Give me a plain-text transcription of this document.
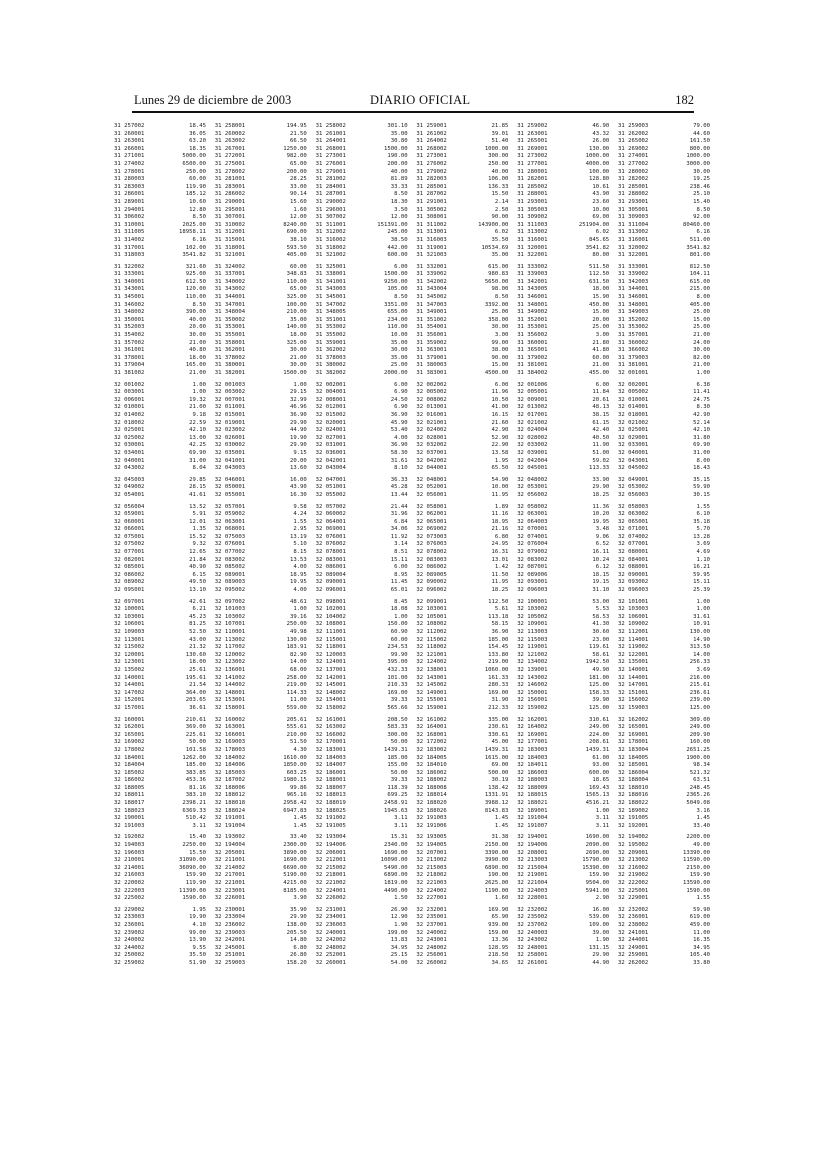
Lunes 29 de diciembre de 2003	DIARIO OFICIAL	182
31 257002	18.45
31 260001	36.05
31 263001	63.20
31 266001	18.35
31 271001	5000.00
31 274002	6500.00
31 278001	250.00
31 280003	60.00
31 283003	119.90
31 286001	185.12
31 289001	10.60
31 294001	12.80
31 306002	8.50
31 310001	2025.00
31 311005	18958.11
31 314002	6.16
31 317001	102.00
31 318003	3541.82
31 322002	321.60
31 333001	925.00
31 340001	612.50
31 343001	120.00
31 345001	110.00
31 346002	8.50
31 348002	390.00
31 350001	40.00
31 352003	20.00
31 354002	30.00
31 357002	21.00
31 361001	40.80
31 378001	18.00
31 379004	165.00
31 381002	21.00
32 001002	1.00
32 003001	1.00
32 006001	19.32
32 010001	21.00
32 014002	9.18
32 018002	22.59
32 025001	42.10
32 025002	13.00
32 030001	42.25
32 034001	69.90
32 040001	31.00
32 043002	8.04
32 045003	29.85
32 049002	28.15
32 054001	41.61
32 056004	13.52
32 059001	5.91
32 060001	12.01
32 066001	1.35
32 075001	15.52
32 075002	9.32
32 077001	12.65
32 082001	21.84
32 085001	40.90
32 086002	6.15
32 089002	49.50
32 095001	13.10
32 097001	42.61
32 100001	6.21
32 103001	45.23
32 106001	81.25
32 109003	52.50
32 113001	43.00
32 115002	21.32
32 120001	130.60
32 123001	18.00
32 135002	25.61
32 140001	195.61
32 144001	21.54
32 147002	364.00
32 152001	203.65
32 157001	36.61
32 160001	210.61
32 162001	369.00
32 165001	225.61
32 169002	50.00
32 178002	101.58
32 184001	1262.00
32 184004	185.00
32 185002	383.85
32 186002	453.36
32 188005	81.16
32 188011	383.10
32 188017	2398.21
32 188023	6369.33
32 190001	510.42
32 191003	3.11
32 192002	15.40
32 194003	2250.00
32 196003	15.50
32 210001	31090.00
32 214001	36090.00
32 216003	159.90
32 220002	119.90
32 222003	11390.00
32 225002	1590.00
32 229002	1.95
32 233003	19.90
32 236001	4.10
32 239002	99.00
32 240002	13.90
32 244002	9.55
32 250002	35.50
32 259002	51.90
31 258001	194.95
31 260002	21.50
31 263002	66.50
31 267001	1250.00
31 272001	982.00
31 275001	65.00
31 278002	200.00
31 281001	28.25
31 283001	33.00
31 286002	90.14
31 290001	15.60
31 295001	1.60
31 307001	12.00
31 310002	8240.00
31 312001	690.00
31 315001	38.10
31 318001	593.50
31 321001	405.00
31 324002	60.00
31 337001	348.83
31 340002	110.00
31 343002	65.00
31 344001	325.00
31 347001	100.00
31 348004	210.00
31 350002	35.00
31 353001	140.00
31 355001	18.00
31 358001	325.00
31 362001	30.00
31 378002	21.00
31 380001	30.00
31 382001	1500.00
32 001003	1.00
32 003002	29.15
32 007001	32.99
32 011001	46.96
32 015001	36.90
32 019001	29.90
32 023002	44.90
32 026001	19.90
32 030002	29.90
32 035001	9.15
32 041001	20.00
32 043003	13.60
32 046001	16.00
32 050001	43.90
32 055001	16.30
32 057001	9.58
32 059002	4.24
32 063001	1.55
32 068001	2.95
32 075003	13.19
32 076001	5.10
32 077002	8.15
32 083002	13.53
32 085002	4.00
32 089001	18.95
32 089003	19.95
32 095002	4.00
32 097002	48.61
32 101003	1.00
32 103002	39.16
32 107001	250.00
32 110001	49.98
32 113002	130.00
32 117002	183.91
32 120002	82.90
32 123002	14.00
32 136001	68.00
32 141002	258.00
32 144002	219.00
32 148001	114.33
32 153001	11.00
32 158001	559.00
32 160002	205.61
32 163001	555.61
32 166001	210.00
32 169003	51.50
32 178003	4.30
32 184002	1610.00
32 184006	1850.00
32 185003	603.25
32 187002	1980.15
32 188006	99.86
32 188012	965.16
32 188018	2958.42
32 188024	6947.83
32 191001	1.45
32 191004	1.45
32 193002	33.40
32 194004	2300.00
32 205001	3890.00
32 211001	1690.00
32 214002	6690.00
32 217001	5190.00
32 221001	4215.00
32 223001	8185.00
32 226001	3.90
32 230001	35.90
32 233004	29.90
32 236002	138.00
32 239003	205.50
32 242001	14.80
32 245001	6.80
32 251001	26.80
32 259003	158.20
31 258002	301.10
31 261001	35.00
31 264001	30.80
31 268001	1500.00
31 273001	190.00
31 276001	200.00
31 279001	40.00
31 281002	81.89
31 284001	33.33
31 287001	8.50
31 290002	18.30
31 296001	3.50
31 307002	12.00
31 311001	151391.00
31 312002	245.00
31 316002	38.50
31 318002	442.00
31 321002	600.00
31 325001	6.00
31 338001	1500.00
31 341001	9250.00
31 343003	105.00
31 345001	8.50
31 347002	3351.00
31 348005	655.00
31 351001	234.00
31 353002	110.00
31 355002	10.00
31 359001	35.00
31 362002	30.00
31 378003	35.00
31 380002	25.00
31 382002	2000.00
32 002001	6.00
32 004001	6.90
32 008001	24.50
32 012001	6.90
32 015002	36.90
32 020001	45.90
32 024001	53.40
32 027001	4.00
32 031001	36.90
32 036001	58.30
32 042001	31.61
32 043004	8.10
32 047001	36.33
32 051001	45.28
32 055002	13.44
32 057002	21.44
32 060002	31.96
32 064001	6.84
32 069001	34.06
32 076001	11.92
32 076002	3.14
32 078001	8.51
32 083001	15.11
32 086001	6.00
32 089004	8.95
32 090001	11.45
32 096001	65.01
32 098001	8.45
32 102001	18.08
32 104002	1.00
32 108001	150.00
32 111001	60.90
32 115001	60.00
32 118001	234.53
32 120003	99.90
32 124001	395.00
32 137001	432.33
32 142001	101.00
32 145001	210.33
32 148002	169.00
32 154001	39.33
32 158002	565.66
32 161001	208.50
32 163002	583.33
32 166002	300.00
32 170001	50.00
32 183001	1439.31
32 184003	185.00
32 184007	155.00
32 186001	50.00
32 188001	39.33
32 188007	118.39
32 188013	699.25
32 188019	2458.91
32 188025	1945.63
32 191002	3.11
32 191005	3.11
32 193004	15.31
32 194006	2340.00
32 206001	1690.00
32 212001	10090.00
32 215002	5490.00
32 218001	6890.00
32 221002	1819.00
32 224001	4490.00
32 226002	1.50
32 231001	26.90
32 234001	12.90
32 236003	1.90
32 240001	199.00
32 242002	13.83
32 248002	34.95
32 252001	25.15
32 260001	54.00
31 259001	21.85
31 261002	39.01
31 264002	51.40
31 268002	1000.00
31 273001	300.00
31 276002	250.00
31 279002	40.00
31 282003	106.00
31 285001	136.33
31 287002	15.50
31 291001	2.14
31 305002	2.50
31 308001	90.00
31 311002	143900.00
31 313001	6.02
31 316003	35.50
31 319001	10534.69
31 321003	35.00
31 332001	615.00
31 339002	980.83
31 342002	5650.00
31 343004	98.00
31 345002	8.50
31 347003	3392.00
31 349001	25.00
31 351002	358.00
31 354001	30.00
31 356001	3.00
31 359002	99.00
31 363001	38.00
31 379001	90.00
31 380003	15.00
31 383001	4500.00
32 002002	6.00
32 005002	11.96
32 008002	10.50
32 013001	41.00
32 016001	16.15
32 021001	21.60
32 024002	42.90
32 028001	52.90
32 032002	22.90
32 037001	13.58
32 042002	1.95
32 044001	65.50
32 048001	54.90
32 052001	10.00
32 056001	11.95
32 058001	1.89
32 062001	11.16
32 065001	18.95
32 069002	21.16
32 073003	6.80
32 076003	24.95
32 078002	16.31
32 083003	13.01
32 086002	1.42
32 089005	11.50
32 090002	11.95
32 096002	18.25
32 099001	112.50
32 103001	5.61
32 105001	113.18
32 108002	58.15
32 112002	36.90
32 115002	185.00
32 118002	154.45
32 121001	133.80
32 124002	219.00
32 138001	1060.00
32 143001	161.33
32 145002	280.33
32 149001	169.00
32 155001	31.90
32 159001	212.33
32 161002	335.00
32 164001	230.61
32 168001	330.61
32 172002	45.00
32 183002	1439.31
32 184005	1615.00
32 184010	69.00
32 186002	500.00
32 188002	30.19
32 188008	138.42
32 188014	1331.91
32 188020	3988.12
32 188026	8143.83
32 191003	1.45
32 191006	1.45
32 193005	31.38
32 194005	2150.00
32 207001	3390.00
32 213002	3990.00
32 215003	6890.00
32 218002	190.00
32 221003	2625.00
32 224002	1190.00
32 227001	1.60
32 232001	169.90
32 235001	65.90
32 237001	939.00
32 240002	159.00
32 243001	13.36
32 248002	128.95
32 256001	218.50
32 260002	34.65
31 259002	46.90
31 263001	43.32
31 265001	26.00
31 269001	130.00
31 273002	1000.00
31 277001	4000.00
31 280001	100.00
31 282001	128.80
31 285002	10.61
31 288001	43.90
31 293001	23.60
31 305003	10.00
31 309002	69.00
31 311003	251904.00
31 313002	6.02
31 316001	845.65
31 320001	3541.82
31 322001	80.00
31 333002	511.50
31 339003	112.50
31 342001	631.50
31 343005	18.00
31 346001	15.90
31 348001	450.00
31 349002	15.00
31 352001	20.00
31 353001	25.00
31 356002	3.00
31 360001	21.80
31 365001	41.80
31 379002	60.00
31 381001	21.00
31 384002	455.00
32 001006	6.00
32 005001	11.84
32 009001	20.61
32 013002	48.13
32 017001	38.15
32 021002	61.15
32 024004	42.40
32 028002	40.50
32 033002	11.90
32 039001	51.00
32 042004	59.02
32 045001	113.33
32 048002	33.90
32 053001	29.90
32 056002	18.25
32 058002	11.36
32 063001	10.20
32 064003	19.95
32 070001	3.48
32 074001	9.06
32 076004	6.52
32 079002	16.11
32 083002	10.24
32 087001	6.12
32 089006	18.15
32 093001	19.15
32 096003	31.10
32 100001	53.00
32 103002	5.53
32 105002	58.53
32 109001	41.30
32 113003	30.60
32 115003	23.00
32 119001	119.61
32 121002	58.61
32 134002	1942.50
32 139001	49.90
32 143002	181.00
32 146002	125.00
32 150001	158.33
32 156001	39.90
32 159002	125.00
32 162001	310.61
32 164002	249.00
32 169001	224.00
32 177001	208.61
32 183003	1439.31
32 184003	61.00
32 184011	93.00
32 186003	600.00
32 188003	18.65
32 188009	169.43
32 188015	1565.13
32 188021	4516.21
32 189001	1.00
32 191004	3.11
32 191007	3.11
32 194001	1690.00
32 194006	2090.00
32 208001	2690.00
32 213003	15790.00
32 215004	15390.00
32 219001	159.90
32 221004	9504.00
32 224003	5941.00
32 228001	2.90
32 232002	16.00
32 235002	539.00
32 237002	109.00
32 240003	39.00
32 243002	1.90
32 248001	131.15
32 258001	29.90
32 261001	44.90
31 259003	79.00
31 262002	44.60
31 265002	161.50
31 269002	800.00
31 274001	1000.00
31 277002	3000.00
31 280002	30.00
31 282002	19.25
31 285001	238.46
31 288002	25.10
31 293001	15.40
31 305001	8.50
31 309003	92.00
31 311004	80460.00
31 313002	6.16
31 316001	511.00
31 320002	3541.82
31 322001	801.00
31 333001	812.50
31 339002	104.11
31 342003	615.00
31 344001	215.00
31 346001	8.00
31 348001	405.00
31 349003	25.00
31 352002	15.00
31 353002	25.00
31 357001	21.00
31 360002	24.00
31 366002	30.00
31 379003	82.00
31 381001	21.00
32 001001	1.00
32 002001	6.38
32 005002	11.41
32 010001	24.75
32 014001	8.30
32 018001	42.90
32 021002	52.14
32 025001	42.10
32 029001	31.80
32 033001	69.90
32 040001	31.00
32 043001	8.00
32 045002	18.43
32 049001	35.15
32 053002	59.90
32 056003	30.15
32 058003	1.55
32 063002	6.10
32 065001	35.18
32 071001	5.70
32 074002	13.28
32 077001	3.69
32 080001	4.69
32 084001	1.10
32 088001	16.21
32 090001	59.95
32 093002	15.11
32 096003	25.39
32 101001	1.00
32 103003	1.00
32 106001	31.61
32 109002	10.91
32 112001	130.00
32 114001	14.90
32 119002	313.50
32 122001	14.00
32 135001	256.33
32 140001	3.69
32 144001	216.00
32 147001	215.61
32 151001	236.61
32 156002	239.00
32 159003	125.00
32 162002	309.00
32 165001	249.00
32 169001	209.90
32 178001	160.00
32 183004	2651.25
32 184005	1900.00
32 185001	98.34
32 186004	521.32
32 188004	63.51
32 188010	248.45
32 188016	2365.26
32 188022	5049.08
32 189002	3.16
32 191005	1.45
32 192001	33.40
32 194002	2200.00
32 195002	49.00
32 209001	13390.00
32 213002	11590.00
32 216002	2150.00
32 219002	159.90
32 222002	13590.00
32 225001	1590.00
32 229001	1.55
32 232002	59.90
32 236001	619.00
32 238002	459.00
32 241001	11.00
32 244001	16.35
32 249001	34.95
32 259001	105.40
32 262002	33.80
